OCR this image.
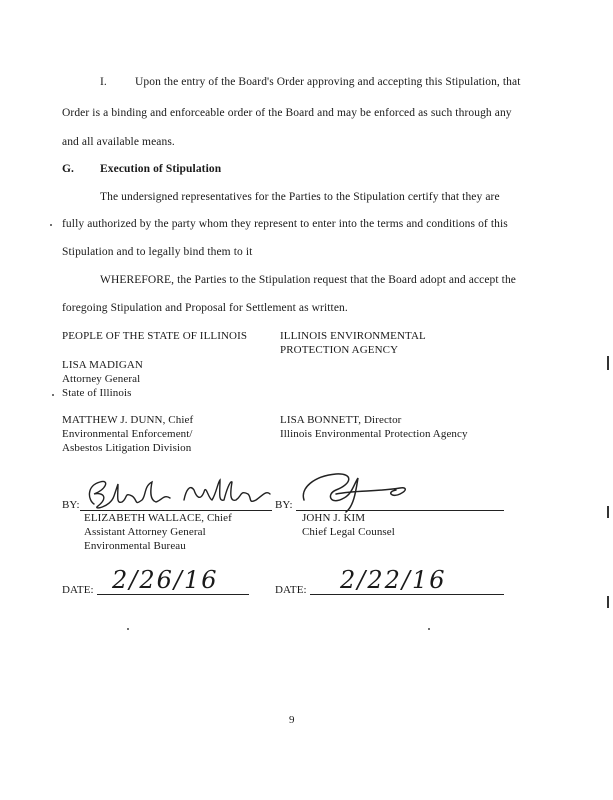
I. Upon the entry of the Board's Order approving and accepting this Stipulation, that
Order is a binding and enforceable order of the Board and may be enforced as such through any
and all available means.
G. Execution of Stipulation
The undersigned representatives for the Parties to the Stipulation certify that they are
fully authorized by the party whom they represent to enter into the terms and conditions of this
Stipulation and to legally bind them to it
WHEREFORE, the Parties to the Stipulation request that the Board adopt and accept the
foregoing Stipulation and Proposal for Settlement as written.
PEOPLE OF THE STATE OF ILLINOIS
LISA MADIGAN
Attorney General
State of Illinois
MATTHEW J. DUNN, Chief
Environmental Enforcement/
Asbestos Litigation Division
ILLINOIS ENVIRONMENTAL
PROTECTION AGENCY
LISA BONNETT, Director
Illinois Environmental Protection Agency
BY:
Elizabeth Wallace
ELIZABETH WALLACE, Chief
Assistant Attorney General
Environmental Bureau
BY:
JOHN J. KIM
Chief Legal Counsel
DATE: 2/26/16	DATE: 2/22/16
9
